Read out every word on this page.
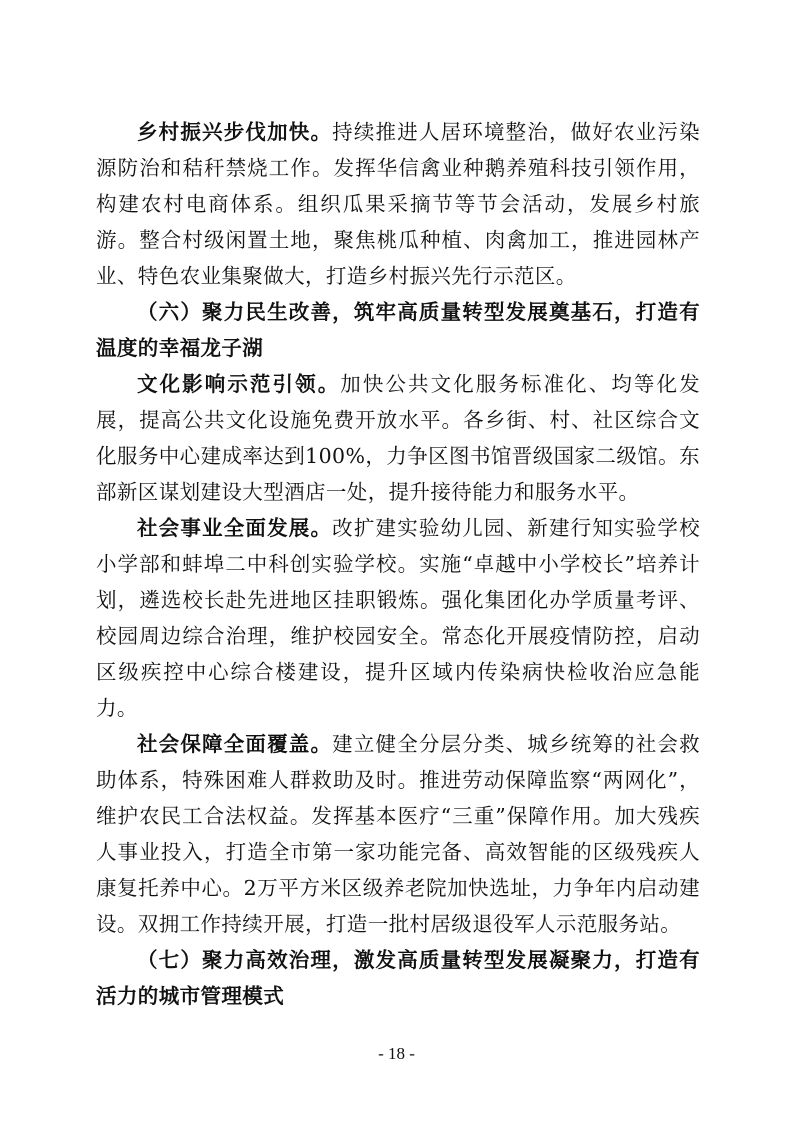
乡村振兴步伐加快。持续推进人居环境整治，做好农业污染源防治和秸秆禁烧工作。发挥华信禽业种鹅养殖科技引领作用，构建农村电商体系。组织瓜果采摘节等节会活动，发展乡村旅游。整合村级闲置土地，聚焦桃瓜种植、肉禽加工，推进园林产业、特色农业集聚做大，打造乡村振兴先行示范区。

（六）聚力民生改善，筑牢高质量转型发展奠基石，打造有温度的幸福龙子湖

文化影响示范引领。加快公共文化服务标准化、均等化发展，提高公共文化设施免费开放水平。各乡街、村、社区综合文化服务中心建成率达到100%，力争区图书馆晋级国家二级馆。东部新区谋划建设大型酒店一处，提升接待能力和服务水平。

社会事业全面发展。改扩建实验幼儿园、新建行知实验学校小学部和蚌埠二中科创实验学校。实施“卓越中小学校长”培养计划，遴选校长赴先进地区挂职锻炼。强化集团化办学质量考评、校园周边综合治理，维护校园安全。常态化开展疫情防控，启动区级疾控中心综合楼建设，提升区域内传染病快检收治应急能力。

社会保障全面覆盖。建立健全分层分类、城乡统筹的社会救助体系，特殊困难人群救助及时。推进劳动保障监察“两网化”，维护农民工合法权益。发挥基本医疗“三重”保障作用。加大残疾人事业投入，打造全市第一家功能完备、高效智能的区级残疾人康复托养中心。2万平方米区级养老院加快选址，力争年内启动建设。双拥工作持续开展，打造一批村居级退役军人示范服务站。

（七）聚力高效治理，激发高质量转型发展凝聚力，打造有活力的城市管理模式

- 18 -
